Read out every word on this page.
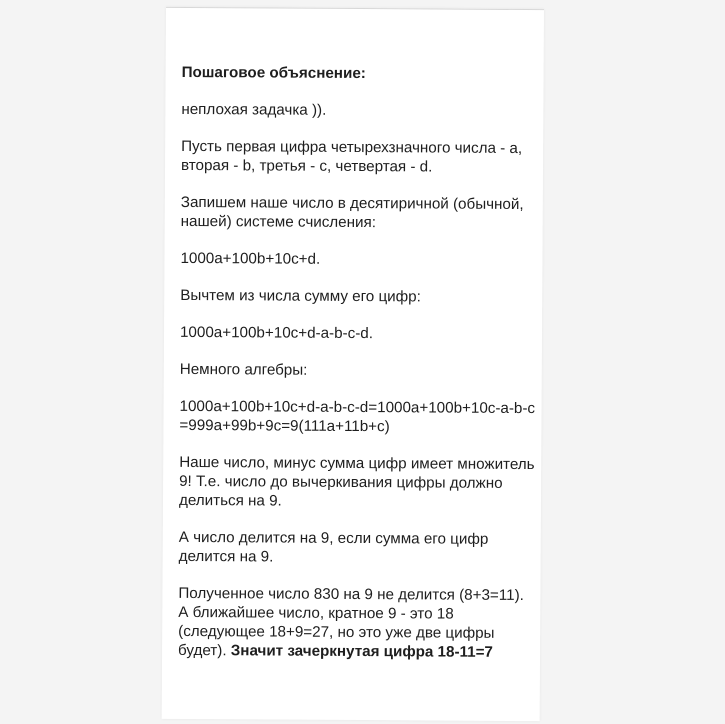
Пошаговое объяснение:

неплохая задачка )).

Пусть первая цифра четырехзначного числа - a, вторая - b, третья - c, четвертая - d.

Запишем наше число в десятиричной (обычной, нашей) системе счисления:

1000a+100b+10c+d.

Вычтем из числа сумму его цифр:

1000a+100b+10c+d-a-b-c-d.

Немного алгебры:

1000a+100b+10c+d-a-b-c-d=1000a+100b+10c-a-b-c=999a+99b+9c=9(111a+11b+c)

Наше число, минус сумма цифр имеет множитель 9! Т.е. число до вычеркивания цифры должно делиться на 9.

А число делится на 9, если сумма его цифр делится на 9.

Полученное число 830 на 9 не делится (8+3=11). А ближайшее число, кратное 9 - это 18 (следующее 18+9=27, но это уже две цифры будет). Значит зачеркнутая цифра 18-11=7
